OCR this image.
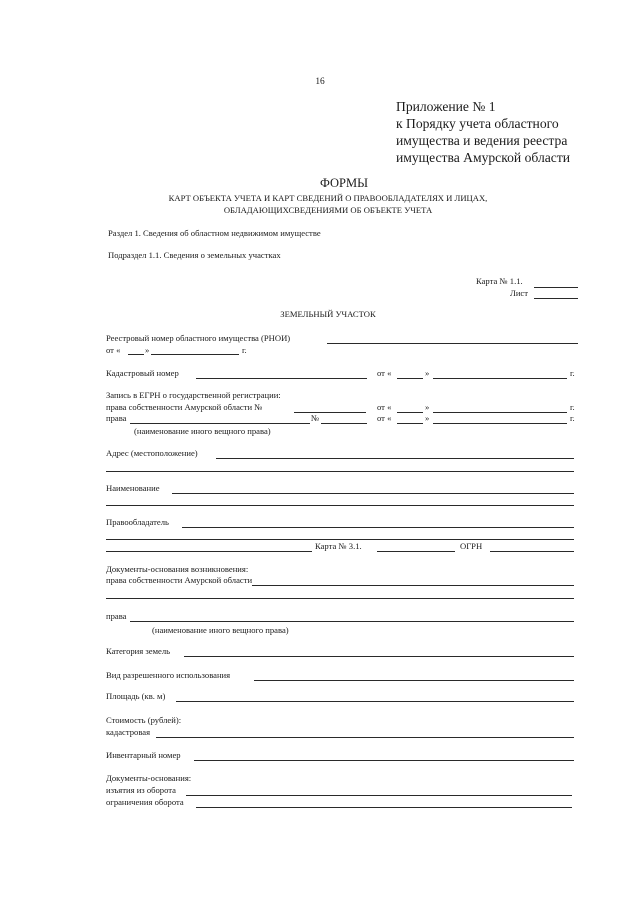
16
Приложение № 1
к Порядку учета областного
имущества и ведения реестра
имущества Амурской области
ФОРМЫ
КАРТ ОБЪЕКТА УЧЕТА И КАРТ СВЕДЕНИЙ О ПРАВООБЛАДАТЕЛЯХ И ЛИЦАХ,
ОБЛАДАЮЩИХСВЕДЕНИЯМИ ОБ ОБЪЕКТЕ УЧЕТА
Раздел 1. Сведения об областном недвижимом имуществе
Подраздел 1.1. Сведения о земельных участках
Карта № 1.1.
Лист
ЗЕМЕЛЬНЫЙ УЧАСТОК
Реестровый номер областного имущества (РНОИ)
от «	»	г.
Кадастровый номер	от «	»	г.
Запись в ЕГРН о государственной регистрации:
права собственности Амурской области №	от «	»	г.
права	№	от «	»	г.
(наименование иного вещного права)
Адрес (местоположение)
Наименование
Правообладатель
Карта № 3.1.	ОГРН
Документы-основания возникновения:
права собственности Амурской области
права
(наименование иного вещного права)
Категория земель
Вид разрешенного использования
Площадь (кв. м)
Стоимость (рублей):
кадастровая
Инвентарный номер
Документы-основания:
изъятия из оборота
ограничения оборота
